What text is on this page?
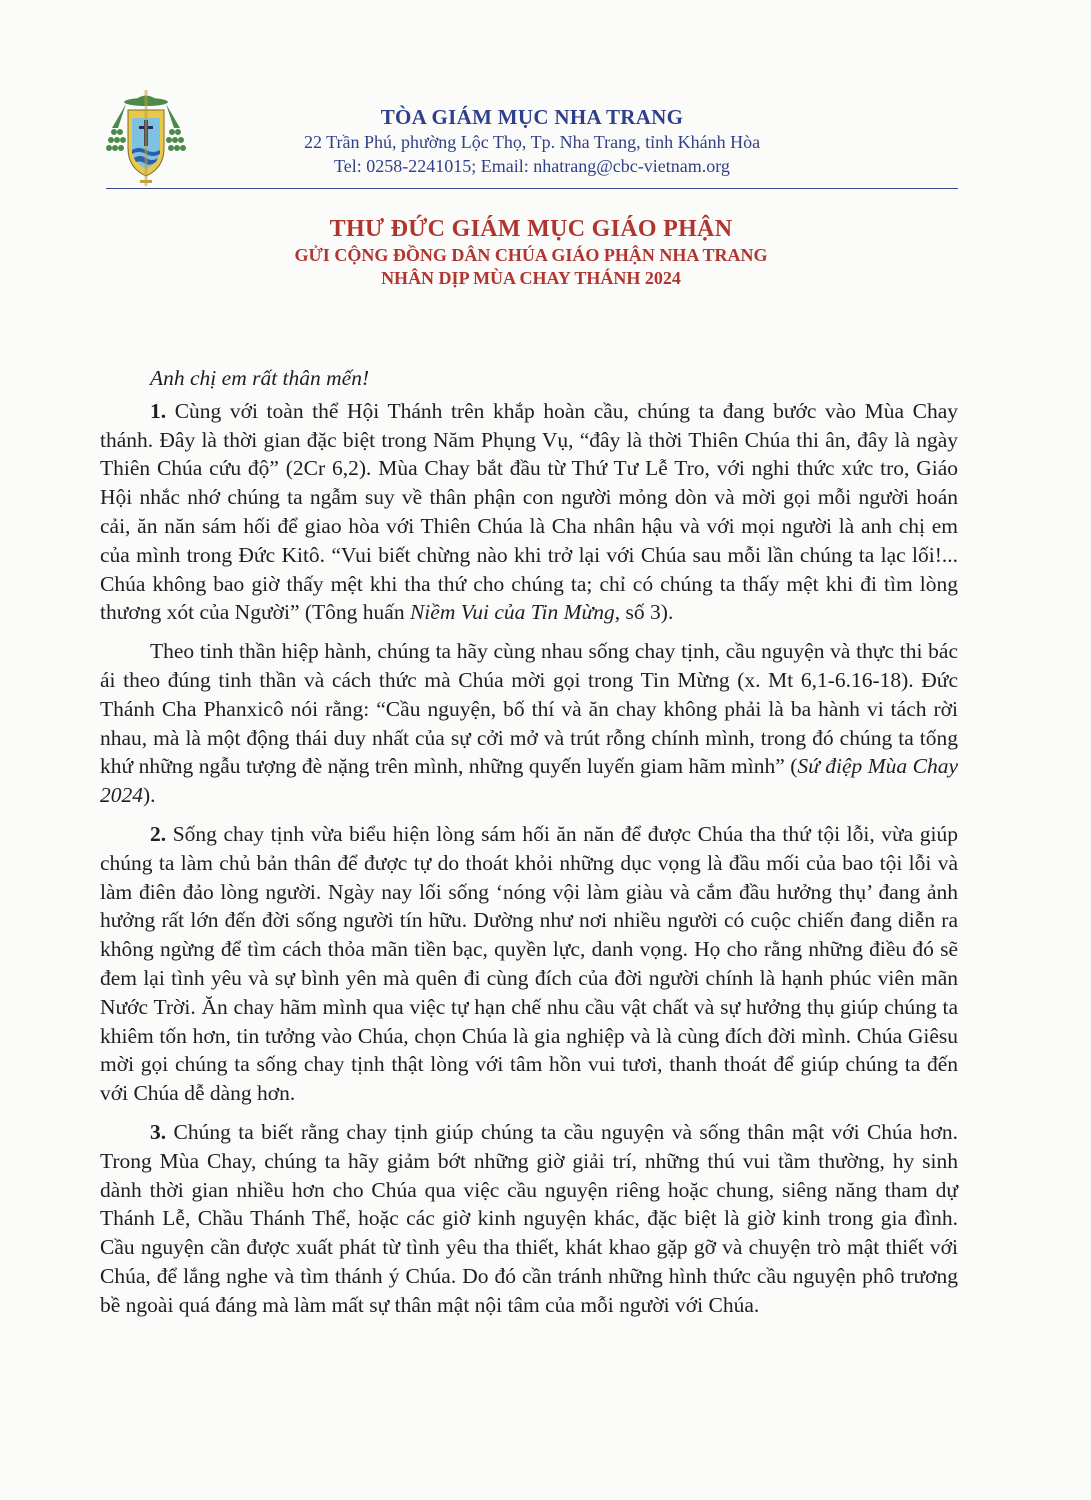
TÒA GIÁM MỤC NHA TRANG
22 Trần Phú, phường Lộc Thọ, Tp. Nha Trang, tỉnh Khánh Hòa
Tel: 0258-2241015; Email: nhatrang@cbc-vietnam.org
THƯ ĐỨC GIÁM MỤC GIÁO PHẬN
GỬI CỘNG ĐỒNG DÂN CHÚA GIÁO PHẬN NHA TRANG
NHÂN DỊP MÙA CHAY THÁNH 2024

Anh chị em rất thân mến!

1. Cùng với toàn thể Hội Thánh trên khắp hoàn cầu, chúng ta đang bước vào Mùa Chay thánh. Đây là thời gian đặc biệt trong Năm Phụng Vụ, “đây là thời Thiên Chúa thi ân, đây là ngày Thiên Chúa cứu độ” (2Cr 6,2). Mùa Chay bắt đầu từ Thứ Tư Lễ Tro, với nghi thức xức tro, Giáo Hội nhắc nhớ chúng ta ngẫm suy về thân phận con người mỏng dòn và mời gọi mỗi người hoán cải, ăn năn sám hối để giao hòa với Thiên Chúa là Cha nhân hậu và với mọi người là anh chị em của mình trong Đức Kitô. “Vui biết chừng nào khi trở lại với Chúa sau mỗi lần chúng ta lạc lối!... Chúa không bao giờ thấy mệt khi tha thứ cho chúng ta; chỉ có chúng ta thấy mệt khi đi tìm lòng thương xót của Người” (Tông huấn Niềm Vui của Tin Mừng, số 3).

Theo tinh thần hiệp hành, chúng ta hãy cùng nhau sống chay tịnh, cầu nguyện và thực thi bác ái theo đúng tinh thần và cách thức mà Chúa mời gọi trong Tin Mừng (x. Mt 6,1-6.16-18). Đức Thánh Cha Phanxicô nói rằng: “Cầu nguyện, bố thí và ăn chay không phải là ba hành vi tách rời nhau, mà là một động thái duy nhất của sự cởi mở và trút rỗng chính mình, trong đó chúng ta tống khứ những ngẫu tượng đè nặng trên mình, những quyến luyến giam hãm mình” (Sứ điệp Mùa Chay 2024).

2. Sống chay tịnh vừa biểu hiện lòng sám hối ăn năn để được Chúa tha thứ tội lỗi, vừa giúp chúng ta làm chủ bản thân để được tự do thoát khỏi những dục vọng là đầu mối của bao tội lỗi và làm điên đảo lòng người. Ngày nay lối sống ‘nóng vội làm giàu và cắm đầu hưởng thụ’ đang ảnh hưởng rất lớn đến đời sống người tín hữu. Dường như nơi nhiều người có cuộc chiến đang diễn ra không ngừng để tìm cách thỏa mãn tiền bạc, quyền lực, danh vọng. Họ cho rằng những điều đó sẽ đem lại tình yêu và sự bình yên mà quên đi cùng đích của đời người chính là hạnh phúc viên mãn Nước Trời. Ăn chay hãm mình qua việc tự hạn chế nhu cầu vật chất và sự hưởng thụ giúp chúng ta khiêm tốn hơn, tin tưởng vào Chúa, chọn Chúa là gia nghiệp và là cùng đích đời mình. Chúa Giêsu mời gọi chúng ta sống chay tịnh thật lòng với tâm hồn vui tươi, thanh thoát để giúp chúng ta đến với Chúa dễ dàng hơn.

3. Chúng ta biết rằng chay tịnh giúp chúng ta cầu nguyện và sống thân mật với Chúa hơn. Trong Mùa Chay, chúng ta hãy giảm bớt những giờ giải trí, những thú vui tầm thường, hy sinh dành thời gian nhiều hơn cho Chúa qua việc cầu nguyện riêng hoặc chung, siêng năng tham dự Thánh Lễ, Chầu Thánh Thể, hoặc các giờ kinh nguyện khác, đặc biệt là giờ kinh trong gia đình. Cầu nguyện cần được xuất phát từ tình yêu tha thiết, khát khao gặp gỡ và chuyện trò mật thiết với Chúa, để lắng nghe và tìm thánh ý Chúa. Do đó cần tránh những hình thức cầu nguyện phô trương bề ngoài quá đáng mà làm mất sự thân mật nội tâm của mỗi người với Chúa.
